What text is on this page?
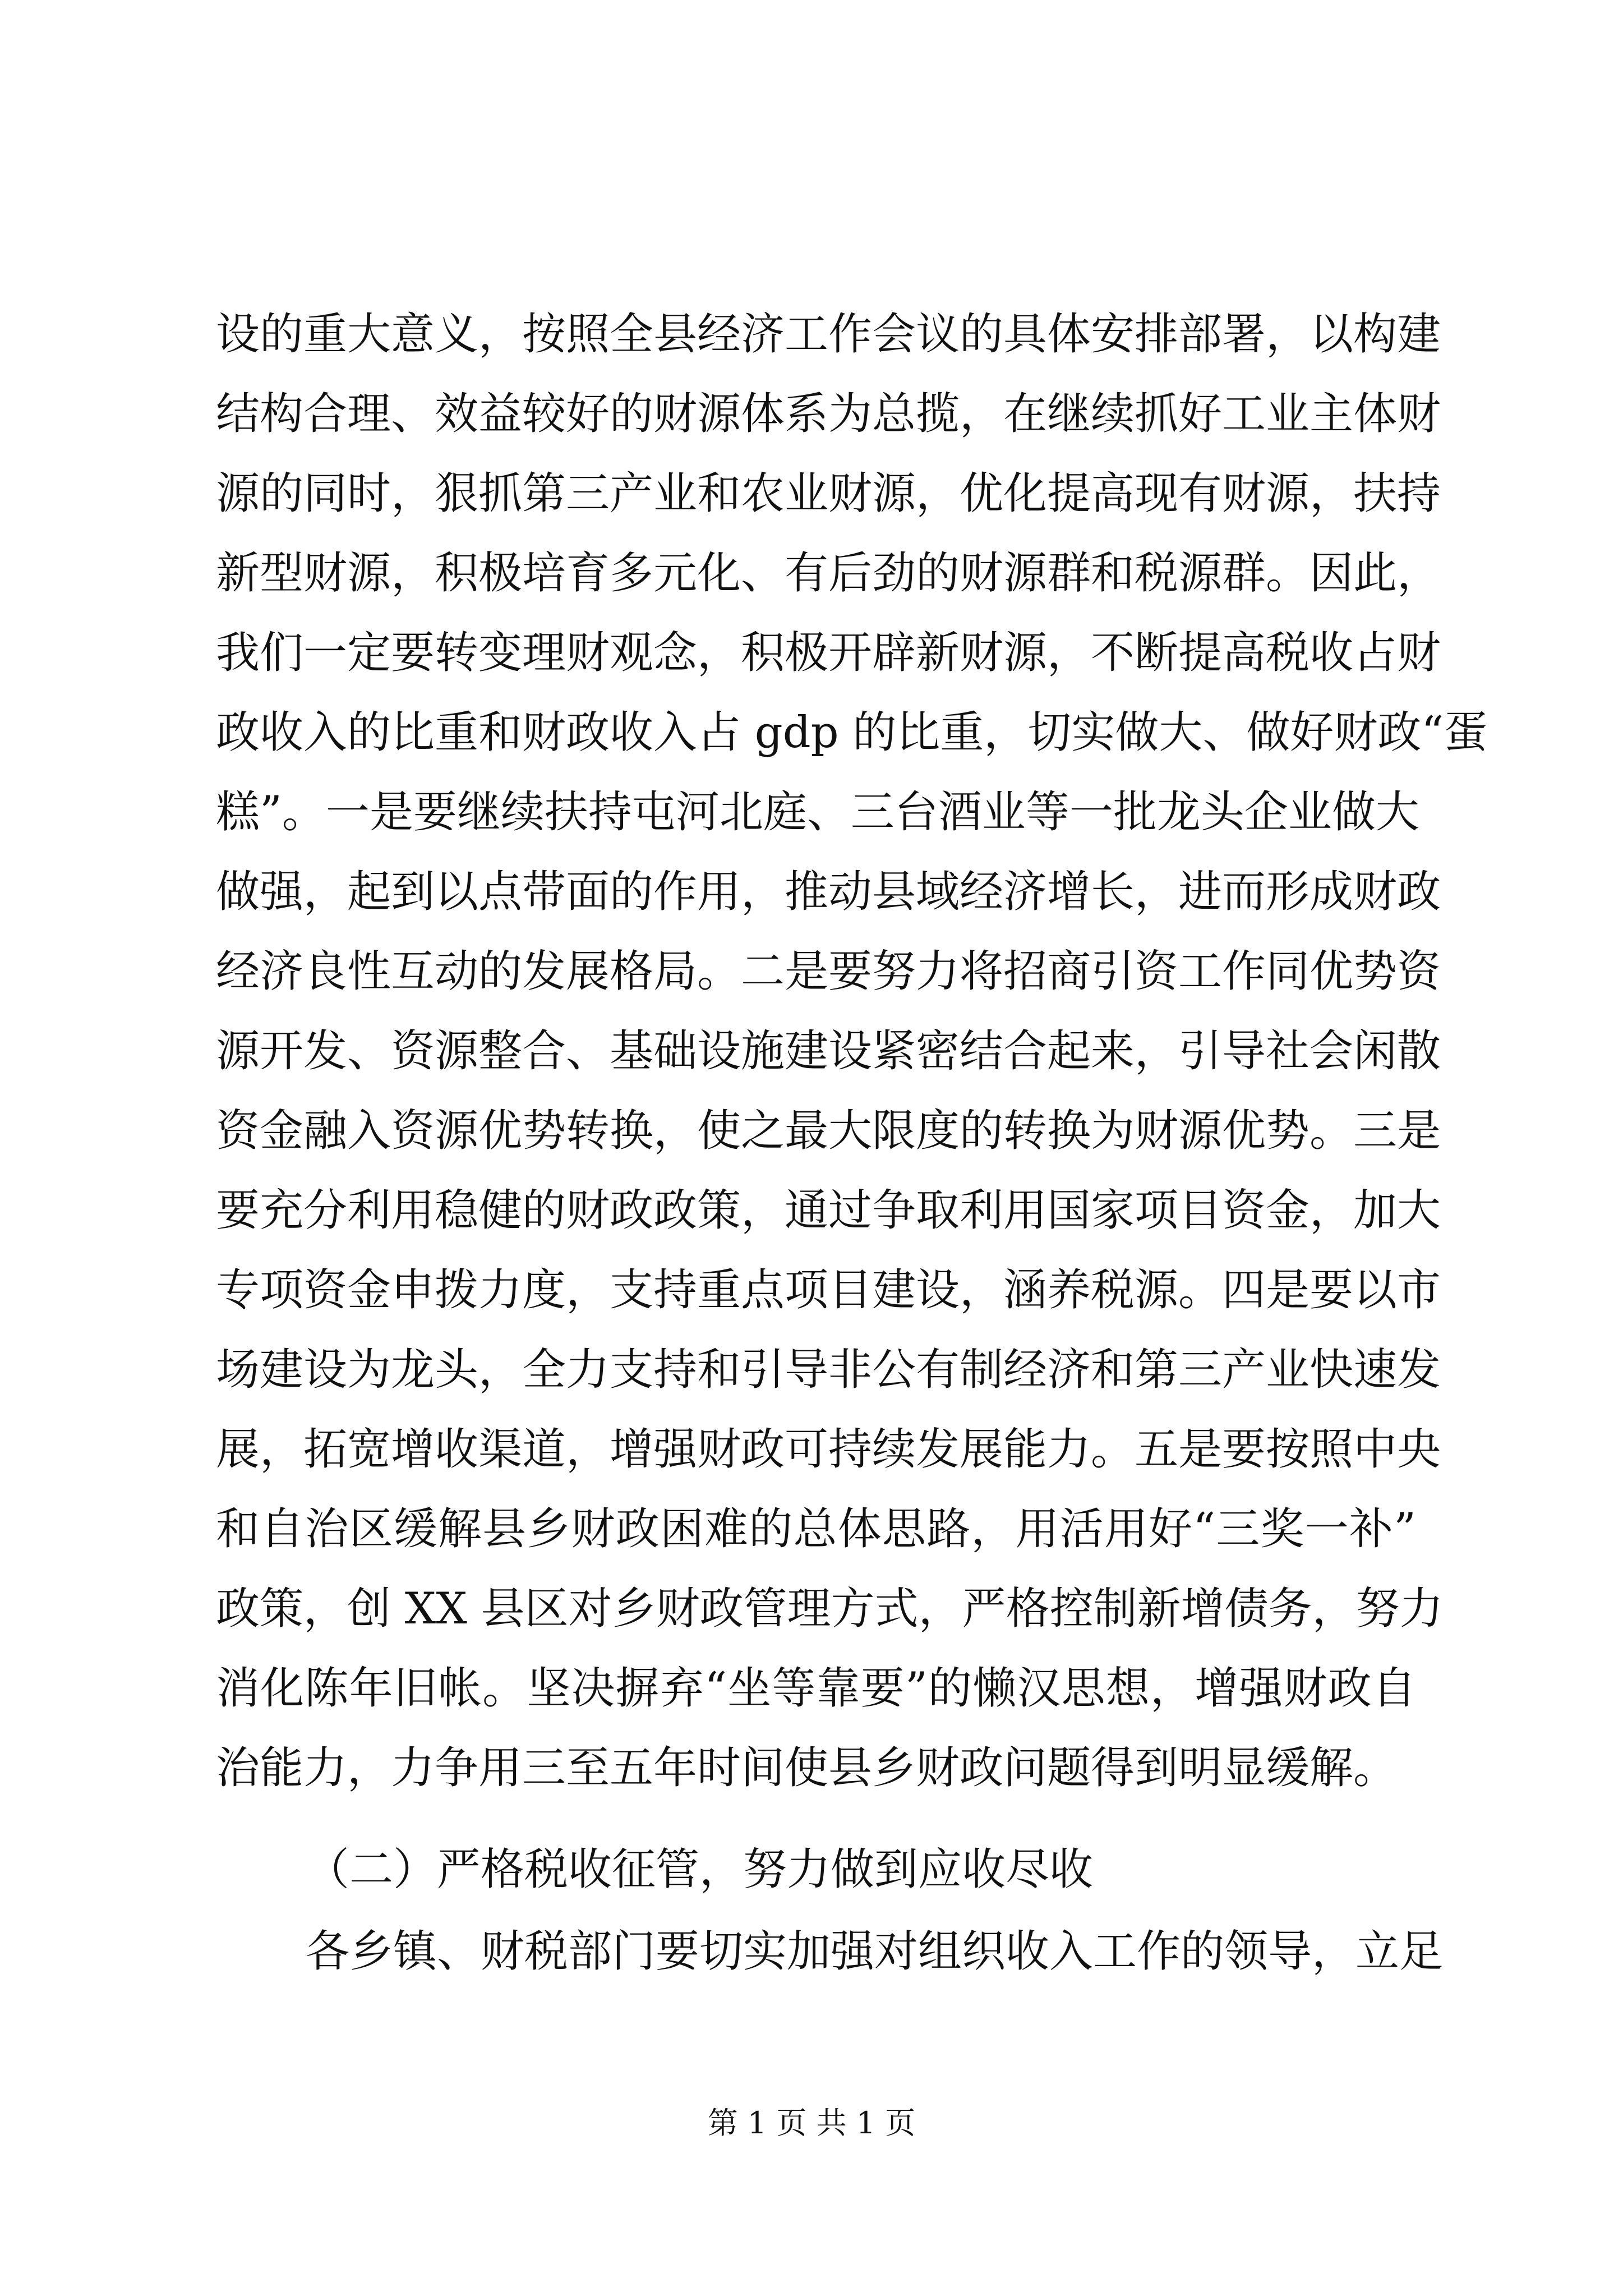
设的重大意义，按照全县经济工作会议的具体安排部署，以构建
结构合理、效益较好的财源体系为总揽，在继续抓好工业主体财
源的同时，狠抓第三产业和农业财源，优化提高现有财源，扶持
新型财源，积极培育多元化、有后劲的财源群和税源群。因此，
我们一定要转变理财观念，积极开辟新财源，不断提高税收占财
政收入的比重和财政收入占 gdp 的比重，切实做大、做好财政“蛋
糕”。一是要继续扶持屯河北庭、三台酒业等一批龙头企业做大
做强，起到以点带面的作用，推动县域经济增长，进而形成财政
经济良性互动的发展格局。二是要努力将招商引资工作同优势资
源开发、资源整合、基础设施建设紧密结合起来，引导社会闲散
资金融入资源优势转换，使之最大限度的转换为财源优势。三是
要充分利用稳健的财政政策，通过争取利用国家项目资金，加大
专项资金申拨力度，支持重点项目建设，涵养税源。四是要以市
场建设为龙头，全力支持和引导非公有制经济和第三产业快速发
展，拓宽增收渠道，增强财政可持续发展能力。五是要按照中央
和自治区缓解县乡财政困难的总体思路，用活用好“三奖一补”
政策，创 XX 县区对乡财政管理方式，严格控制新增债务，努力
消化陈年旧帐。坚决摒弃“坐等靠要”的懒汉思想，增强财政自
治能力，力争用三至五年时间使县乡财政问题得到明显缓解。
（二）严格税收征管，努力做到应收尽收
各乡镇、财税部门要切实加强对组织收入工作的领导，立足
第 1 页 共 1 页
